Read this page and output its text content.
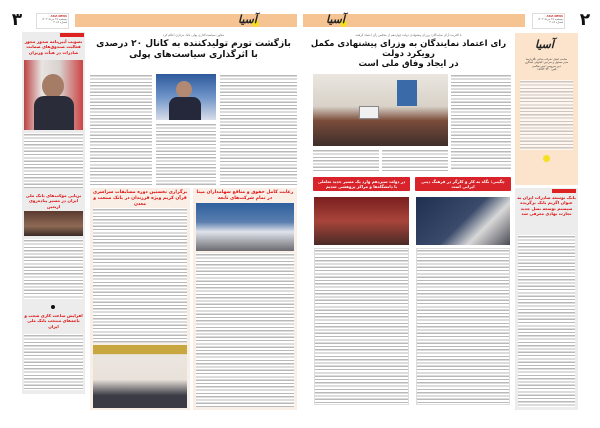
۳	ASIA NEWS
پنجشنبه ۲۹ مرداد ۱۴۰۳
شماره ۴۰۸۶	آسیا
تصویب آیین‌نامه صدور مجوز فعالیت صندوق‌های ضمانت صادرات در هیأت وزیران
برپایی موکب‌های بانک ملی ایران در مسیر پیاده‌روی اربعین
افزایش ساعت کاری شعب و باجه‌های منتخب بانک ملی ایران
معاون سیاست‌گذاری پولی بانک مرکزی اعلام کرد
بازگشت تورم تولیدکننده به کانال ۲۰ درصدی
با اثرگذاری سیاست‌های پولی
رعایت کامل حقوق و منافع سهامداران مپنا در تمام شرکت‌های تابعه
برگزاری نخستین دوره مسابقات سراسری قرآن کریم ویژه فرزندان در بانک صنعت و معدن
۲
ASIA NEWS
پنجشنبه ۲۹ مرداد ۱۴۰۳
شماره ۴۰۸۶
آسیا
آسیا
صاحب امتیاز: شرکت ساعی نگارپارسا
مدیر مسئول و سردبیر: کیانوش عسگری
دبیر سرویس: ثمین صالحی
تلفن: ۸۸۹۳۰۹۴۰-۱
بانک توسعه صادرات ایران به عنوان اگزیم بانک برگزیده سیستم توسعه نسل جدید تجارت نهادی معرفی شد
با اکثریت آرای نمایندگان؛ وزرای پیشنهادی دولت چهاردهم از مجلس رأی اعتماد گرفتند
رای اعتماد نمایندگان به وزرای پیشنهادی مکمل رویکرد دولت
در ایجاد وفاق ملی است
چگینی: نگاه به کار و کارگر در فرهنگ دینی ایرانی است
در دولت سیزدهم وارد یک مسیر جدید تعاملی با دانشگاه‌ها و مراکز پژوهشی شدیم
